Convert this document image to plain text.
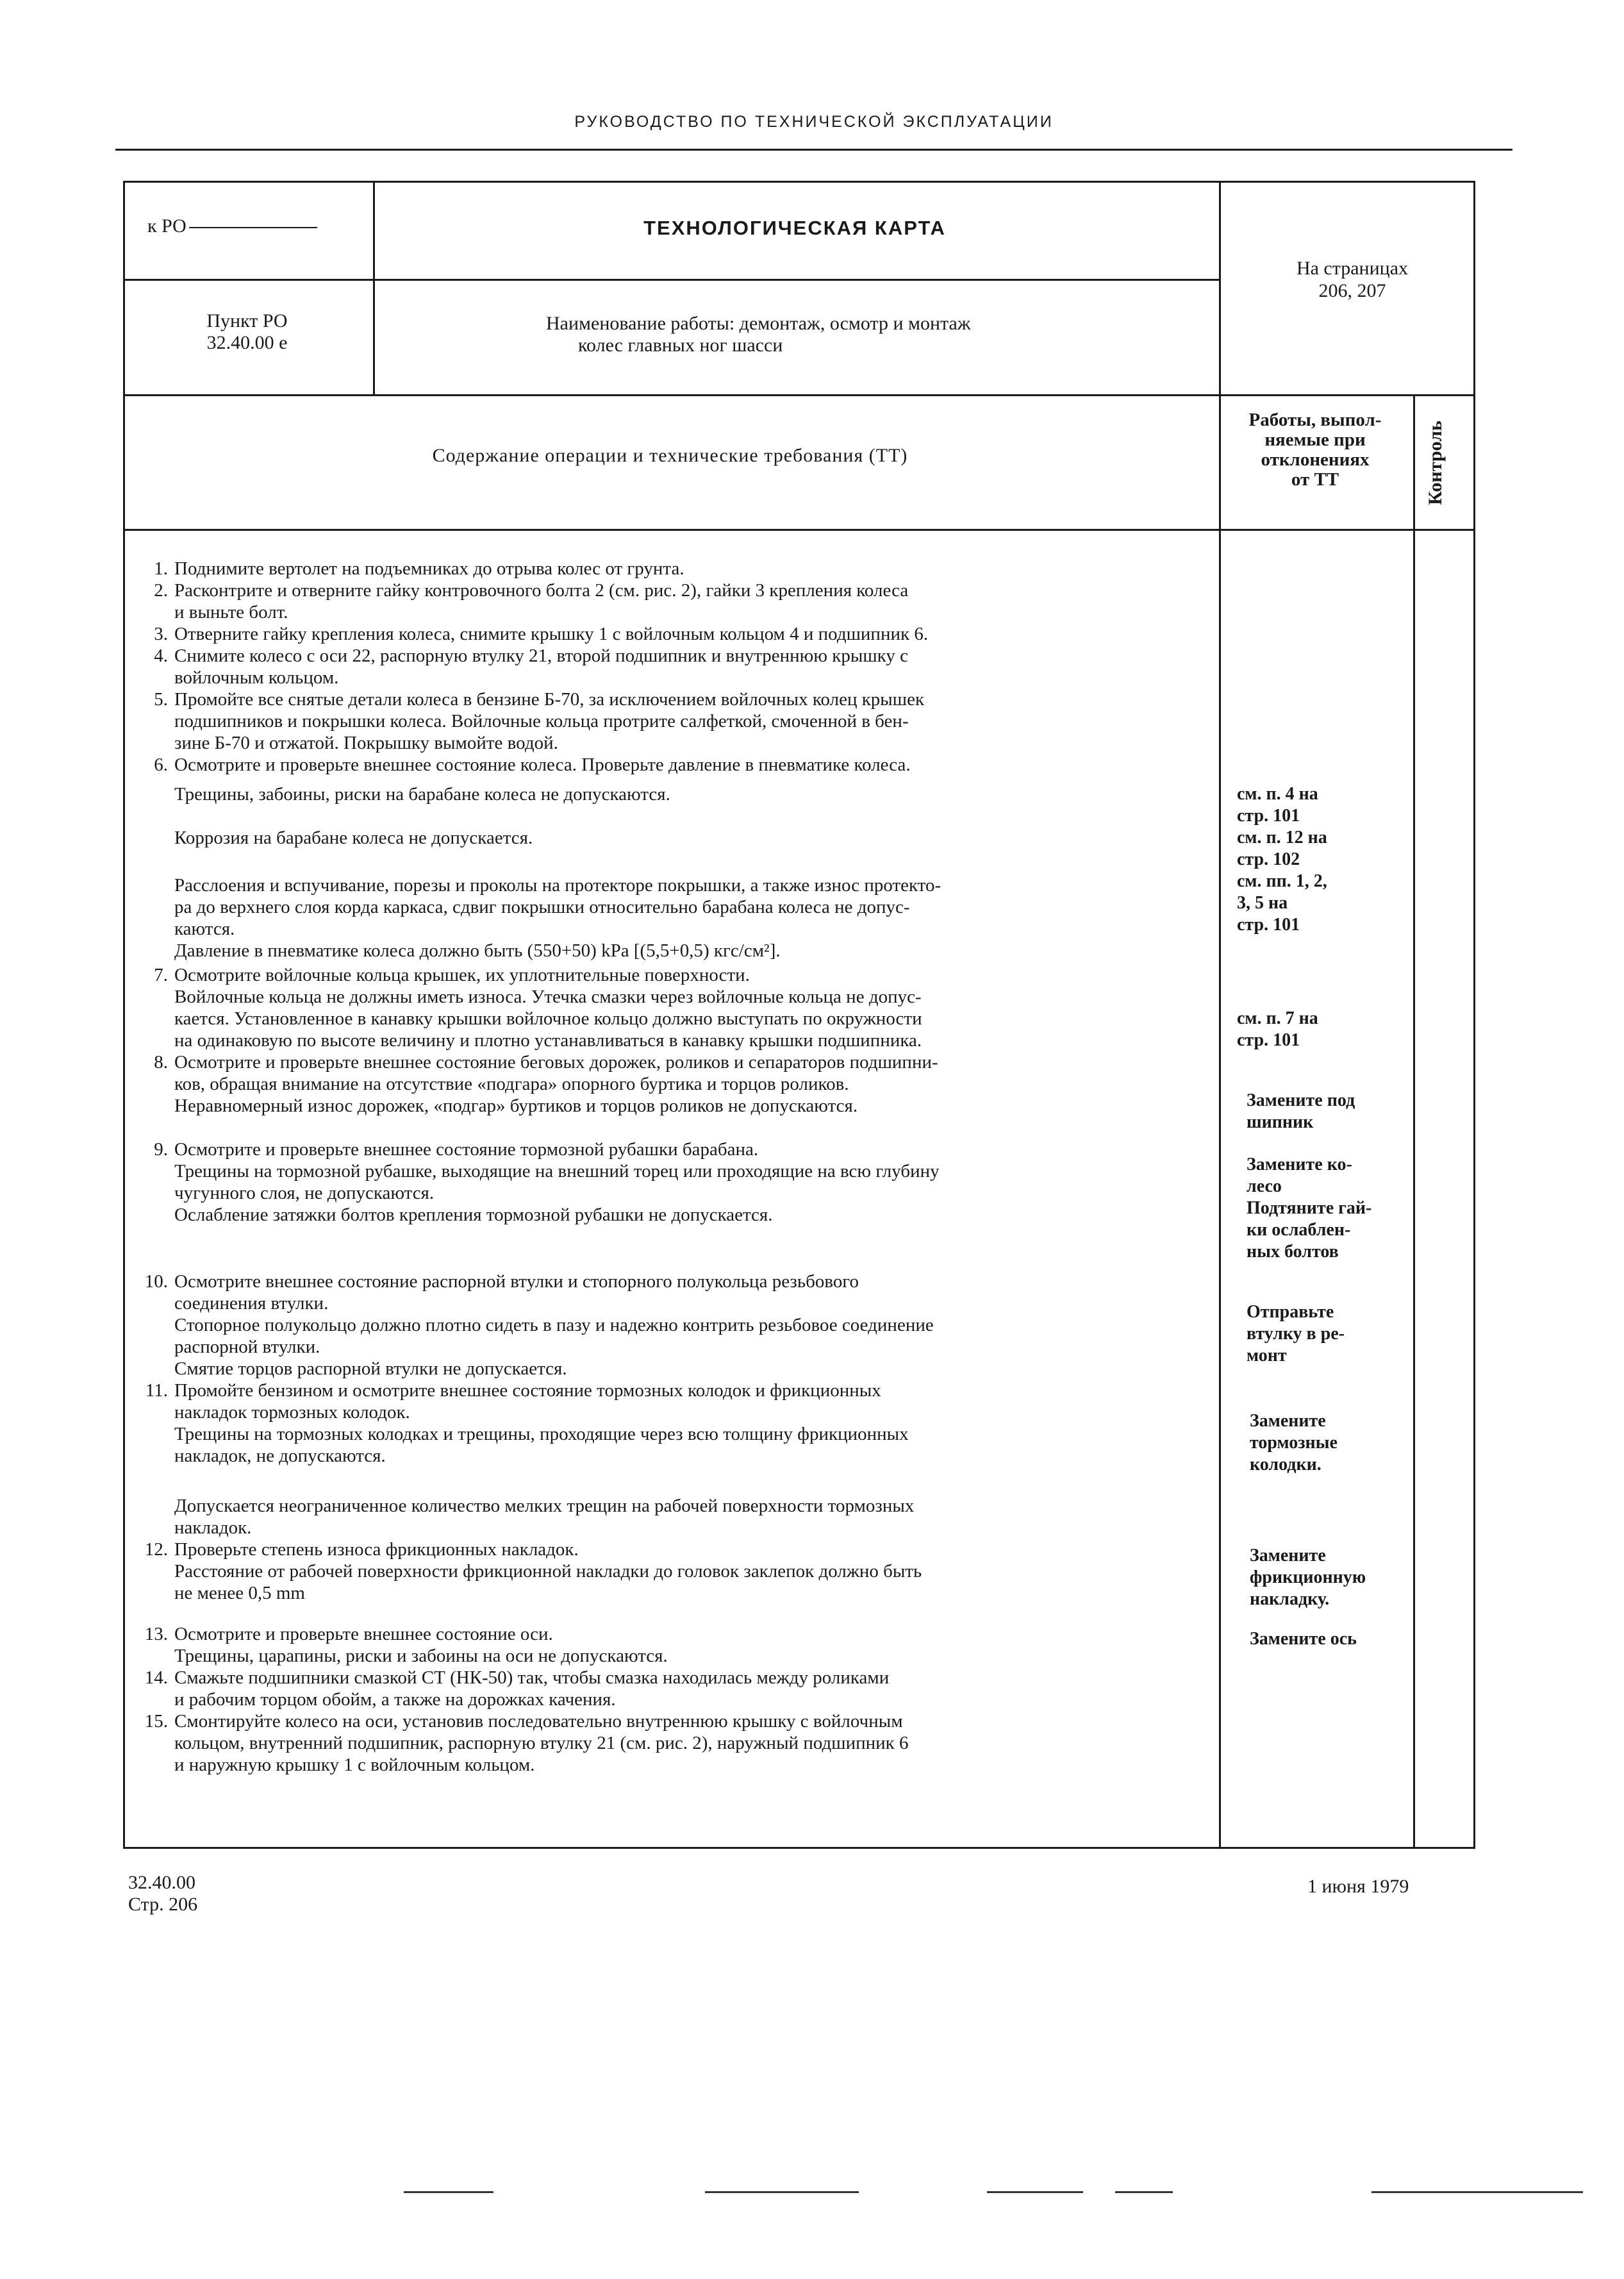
РУКОВОДСТВО ПО ТЕХНИЧЕСКОЙ ЭКСПЛУАТАЦИИ
к РО	ТЕХНОЛОГИЧЕСКАЯ КАРТА
На страницах
206, 207
Пункт РО
32.40.00 е
Наименование работы: демонтаж, осмотр и монтаж
колес главных ног шасси
Содержание операции и технические требования (ТТ)
Работы, выпол-
няемые при
отклонениях
от ТТ	Контроль
1. Поднимите вертолет на подъемниках до отрыва колес от грунта.
2. Расконтрите и отверните гайку контровочного болта 2 (см. рис. 2), гайки 3 крепления колеса
и выньте болт.
3. Отверните гайку крепления колеса, снимите крышку 1 с войлочным кольцом 4 и подшипник 6.
4. Снимите колесо с оси 22, распорную втулку 21, второй подшипник и внутреннюю крышку с
войлочным кольцом.
5. Промойте все снятые детали колеса в бензине Б-70, за исключением войлочных колец крышек
подшипников и покрышки колеса. Войлочные кольца протрите салфеткой, смоченной в бен-
зине Б-70 и отжатой. Покрышку вымойте водой.
6. Осмотрите и проверьте внешнее состояние колеса. Проверьте давление в пневматике колеса.
Трещины, забоины, риски на барабане колеса не допускаются.
Коррозия на барабане колеса не допускается.
Расслоения и вспучивание, порезы и проколы на протекторе покрышки, а также износ протекто-
ра до верхнего слоя корда каркаса, сдвиг покрышки относительно барабана колеса не допус-
каются.
Давление в пневматике колеса должно быть (550+50) kPa [(5,5+0,5) кгс/см²].
7. Осмотрите войлочные кольца крышек, их уплотнительные поверхности.
Войлочные кольца не должны иметь износа. Утечка смазки через войлочные кольца не допус-
кается. Установленное в канавку крышки войлочное кольцо должно выступать по окружности
на одинаковую по высоте величину и плотно устанавливаться в канавку крышки подшипника.
8. Осмотрите и проверьте внешнее состояние беговых дорожек, роликов и сепараторов подшипни-
ков, обращая внимание на отсутствие «подгара» опорного буртика и торцов роликов.
Неравномерный износ дорожек, «подгар» буртиков и торцов роликов не допускаются.
9. Осмотрите и проверьте внешнее состояние тормозной рубашки барабана.
Трещины на тормозной рубашке, выходящие на внешний торец или проходящие на всю глубину
чугунного слоя, не допускаются.
Ослабление затяжки болтов крепления тормозной рубашки не допускается.
10. Осмотрите внешнее состояние распорной втулки и стопорного полукольца резьбового
соединения втулки.
Стопорное полукольцо должно плотно сидеть в пазу и надежно контрить резьбовое соединение
распорной втулки.
Смятие торцов распорной втулки не допускается.
11. Промойте бензином и осмотрите внешнее состояние тормозных колодок и фрикционных
накладок тормозных колодок.
Трещины на тормозных колодках и трещины, проходящие через всю толщину фрикционных
накладок, не допускаются.
Допускается неограниченное количество мелких трещин на рабочей поверхности тормозных
накладок.
12. Проверьте степень износа фрикционных накладок.
Расстояние от рабочей поверхности фрикционной накладки до головок заклепок должно быть
не менее 0,5 mm
13. Осмотрите и проверьте внешнее состояние оси.
Трещины, царапины, риски и забоины на оси не допускаются.
14. Смажьте подшипники смазкой СТ (НК-50) так, чтобы смазка находилась между роликами
и рабочим торцом обойм, а также на дорожках качения.
15. Смонтируйте колесо на оси, установив последовательно внутреннюю крышку с войлочным
кольцом, внутренний подшипник, распорную втулку 21 (см. рис. 2), наружный подшипник 6
и наружную крышку 1 с войлочным кольцом.
см. п. 4 на
стр. 101
см. п. 12 на
стр. 102
см. пп. 1, 2,
3, 5 на
стр. 101
см. п. 7 на
стр. 101
Замените под
шипник
Замените ко-
лесо
Подтяните гай-
ки ослаблен-
ных болтов
Отправьте
втулку в ре-
монт
Замените
тормозные
колодки.
Замените
фрикционную
накладку.
Замените ось
32.40.00
Стр. 206
1 июня 1979
